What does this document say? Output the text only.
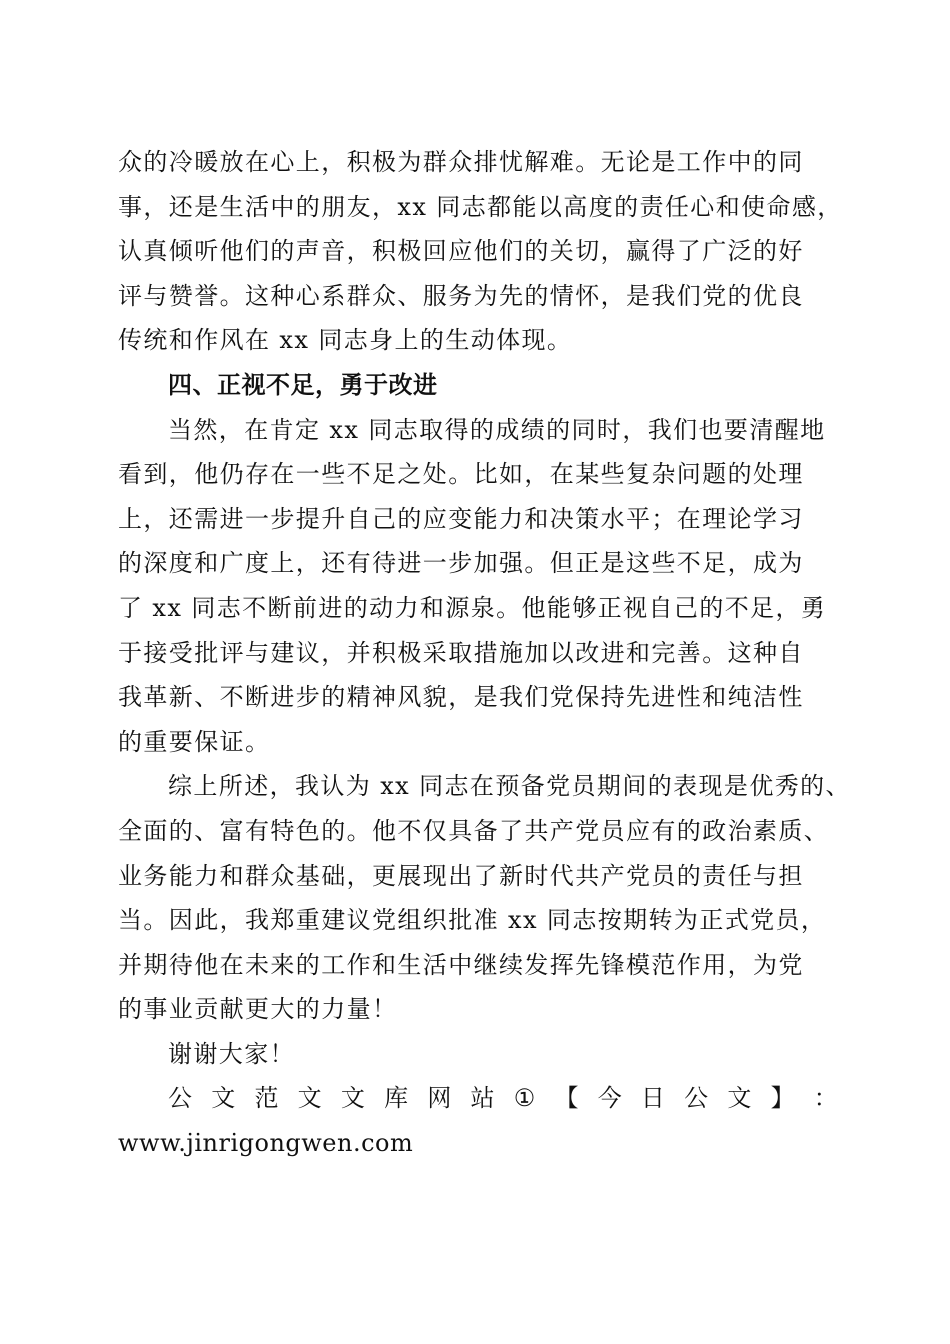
众的冷暖放在心上，积极为群众排忧解难。无论是工作中的同
事，还是生活中的朋友，xx 同志都能以高度的责任心和使命感，
认真倾听他们的声音，积极回应他们的关切，赢得了广泛的好
评与赞誉。这种心系群众、服务为先的情怀，是我们党的优良
传统和作风在 xx 同志身上的生动体现。
四、正视不足，勇于改进
当然，在肯定 xx 同志取得的成绩的同时，我们也要清醒地
看到，他仍存在一些不足之处。比如，在某些复杂问题的处理
上，还需进一步提升自己的应变能力和决策水平；在理论学习
的深度和广度上，还有待进一步加强。但正是这些不足，成为
了 xx 同志不断前进的动力和源泉。他能够正视自己的不足，勇
于接受批评与建议，并积极采取措施加以改进和完善。这种自
我革新、不断进步的精神风貌，是我们党保持先进性和纯洁性
的重要保证。
综上所述，我认为 xx 同志在预备党员期间的表现是优秀的、
全面的、富有特色的。他不仅具备了共产党员应有的政治素质、
业务能力和群众基础，更展现出了新时代共产党员的责任与担
当。因此，我郑重建议党组织批准 xx 同志按期转为正式党员，
并期待他在未来的工作和生活中继续发挥先锋模范作用，为党
的事业贡献更大的力量！
谢谢大家！
公 文 范 文 文 库 网 站 ① 【 今 日 公 文 】 ：
www.jinrigongwen.com
